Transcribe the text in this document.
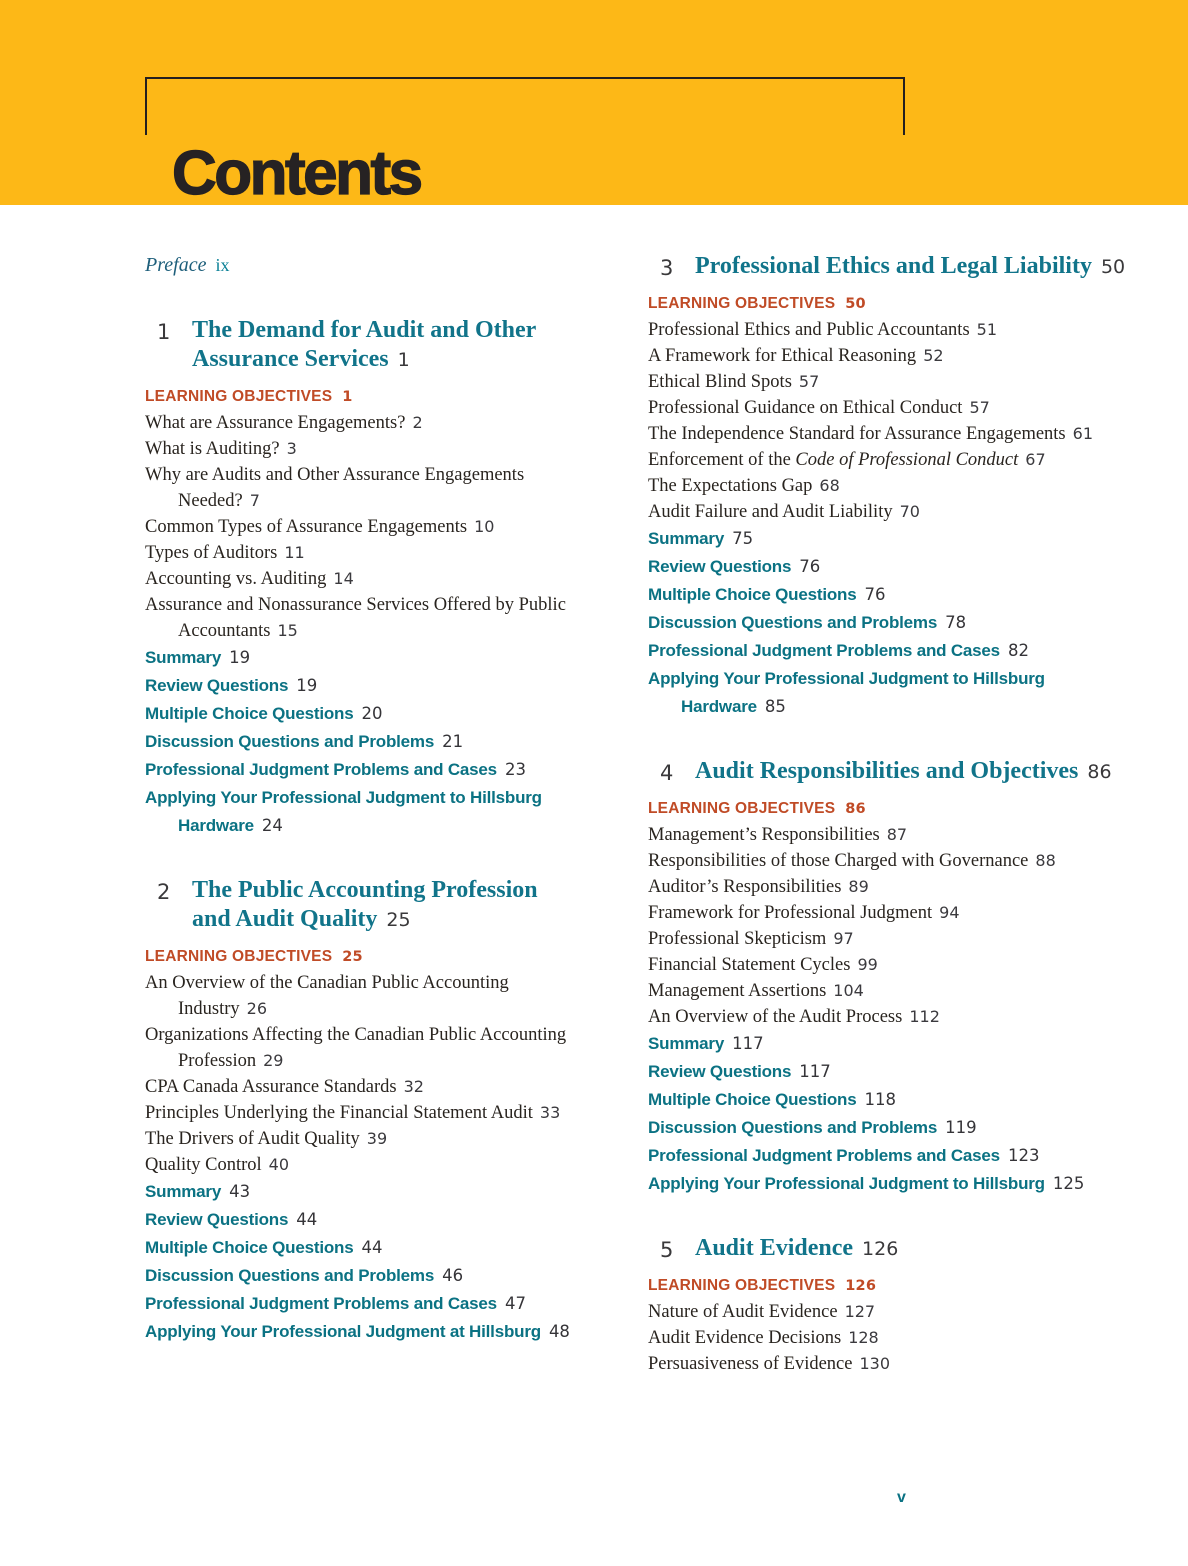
Contents
Preface ix
1 The Demand for Audit and Other Assurance Services 1
LEARNING OBJECTIVES 1
What are Assurance Engagements? 2
What is Auditing? 3
Why are Audits and Other Assurance Engagements Needed? 7
Common Types of Assurance Engagements 10
Types of Auditors 11
Accounting vs. Auditing 14
Assurance and Nonassurance Services Offered by Public Accountants 15
Summary 19
Review Questions 19
Multiple Choice Questions 20
Discussion Questions and Problems 21
Professional Judgment Problems and Cases 23
Applying Your Professional Judgment to Hillsburg Hardware 24
2 The Public Accounting Profession and Audit Quality 25
LEARNING OBJECTIVES 25
An Overview of the Canadian Public Accounting Industry 26
Organizations Affecting the Canadian Public Accounting Profession 29
CPA Canada Assurance Standards 32
Principles Underlying the Financial Statement Audit 33
The Drivers of Audit Quality 39
Quality Control 40
Summary 43
Review Questions 44
Multiple Choice Questions 44
Discussion Questions and Problems 46
Professional Judgment Problems and Cases 47
Applying Your Professional Judgment at Hillsburg 48
3 Professional Ethics and Legal Liability 50
LEARNING OBJECTIVES 50
Professional Ethics and Public Accountants 51
A Framework for Ethical Reasoning 52
Ethical Blind Spots 57
Professional Guidance on Ethical Conduct 57
The Independence Standard for Assurance Engagements 61
Enforcement of the Code of Professional Conduct 67
The Expectations Gap 68
Audit Failure and Audit Liability 70
Summary 75
Review Questions 76
Multiple Choice Questions 76
Discussion Questions and Problems 78
Professional Judgment Problems and Cases 82
Applying Your Professional Judgment to Hillsburg Hardware 85
4 Audit Responsibilities and Objectives 86
LEARNING OBJECTIVES 86
Management’s Responsibilities 87
Responsibilities of those Charged with Governance 88
Auditor’s Responsibilities 89
Framework for Professional Judgment 94
Professional Skepticism 97
Financial Statement Cycles 99
Management Assertions 104
An Overview of the Audit Process 112
Summary 117
Review Questions 117
Multiple Choice Questions 118
Discussion Questions and Problems 119
Professional Judgment Problems and Cases 123
Applying Your Professional Judgment to Hillsburg 125
5 Audit Evidence 126
LEARNING OBJECTIVES 126
Nature of Audit Evidence 127
Audit Evidence Decisions 128
Persuasiveness of Evidence 130
v
